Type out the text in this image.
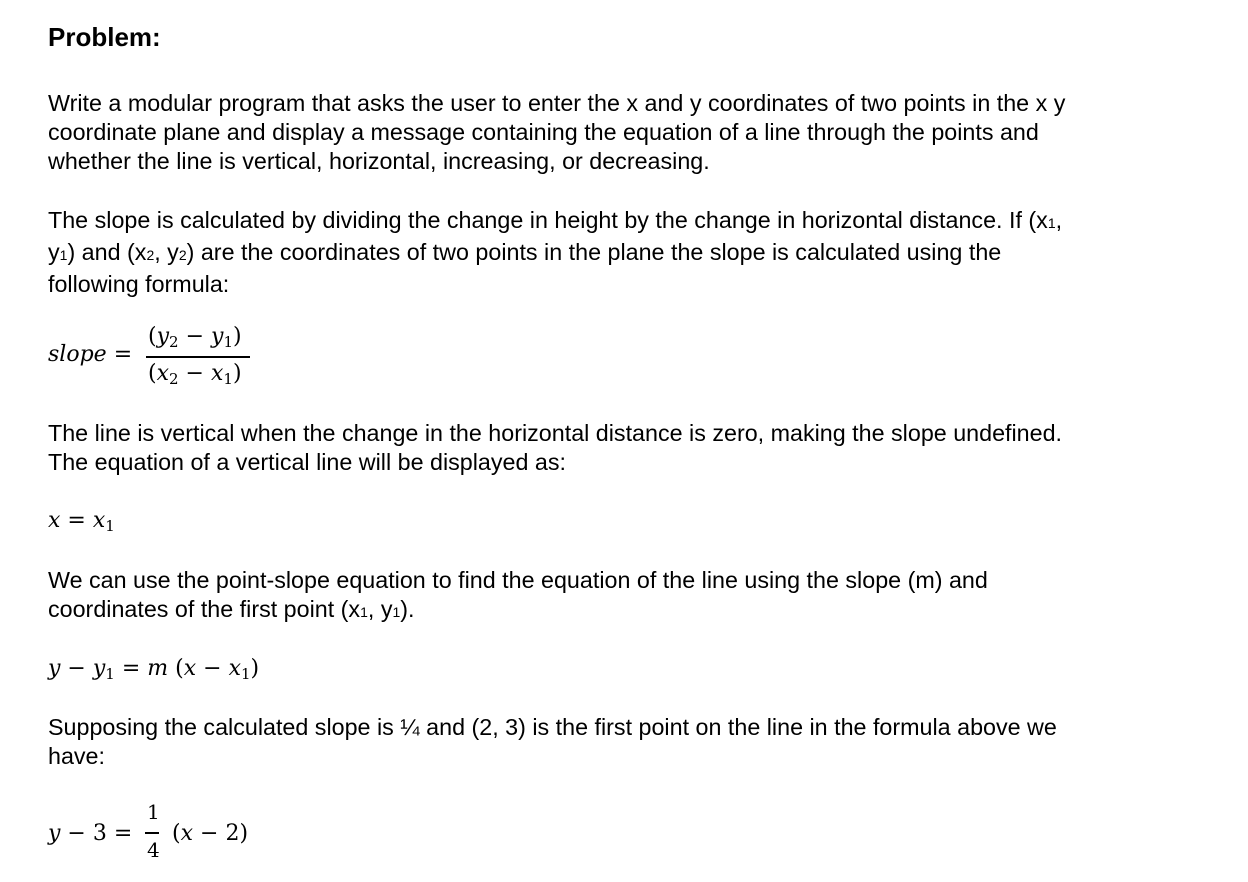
Problem:
Write a modular program that asks the user to enter the x and y coordinates of two points in the x y
coordinate plane and display a message containing the equation of a line through the points and
whether the line is vertical, horizontal, increasing, or decreasing.
The slope is calculated by dividing the change in height by the change in horizontal distance. If (x1,
y1) and (x2, y2) are the coordinates of two points in the plane the slope is calculated using the
following formula:
slope =
$(y_2 - y_1)$
$(x_2 - x_1)$
The line is vertical when the change in the horizontal distance is zero, making the slope undefined.
The equation of a vertical line will be displayed as:
$x = x_1$
We can use the point-slope equation to find the equation of the line using the slope (m) and
coordinates of the first point (x1, y1).
$y - y_1 = m$ $(x - x_1)$
Supposing the calculated slope is ¼ and (2, 3) is the first point on the line in the formula above we
have:
y − 3 =
1
4
(x − 2)
